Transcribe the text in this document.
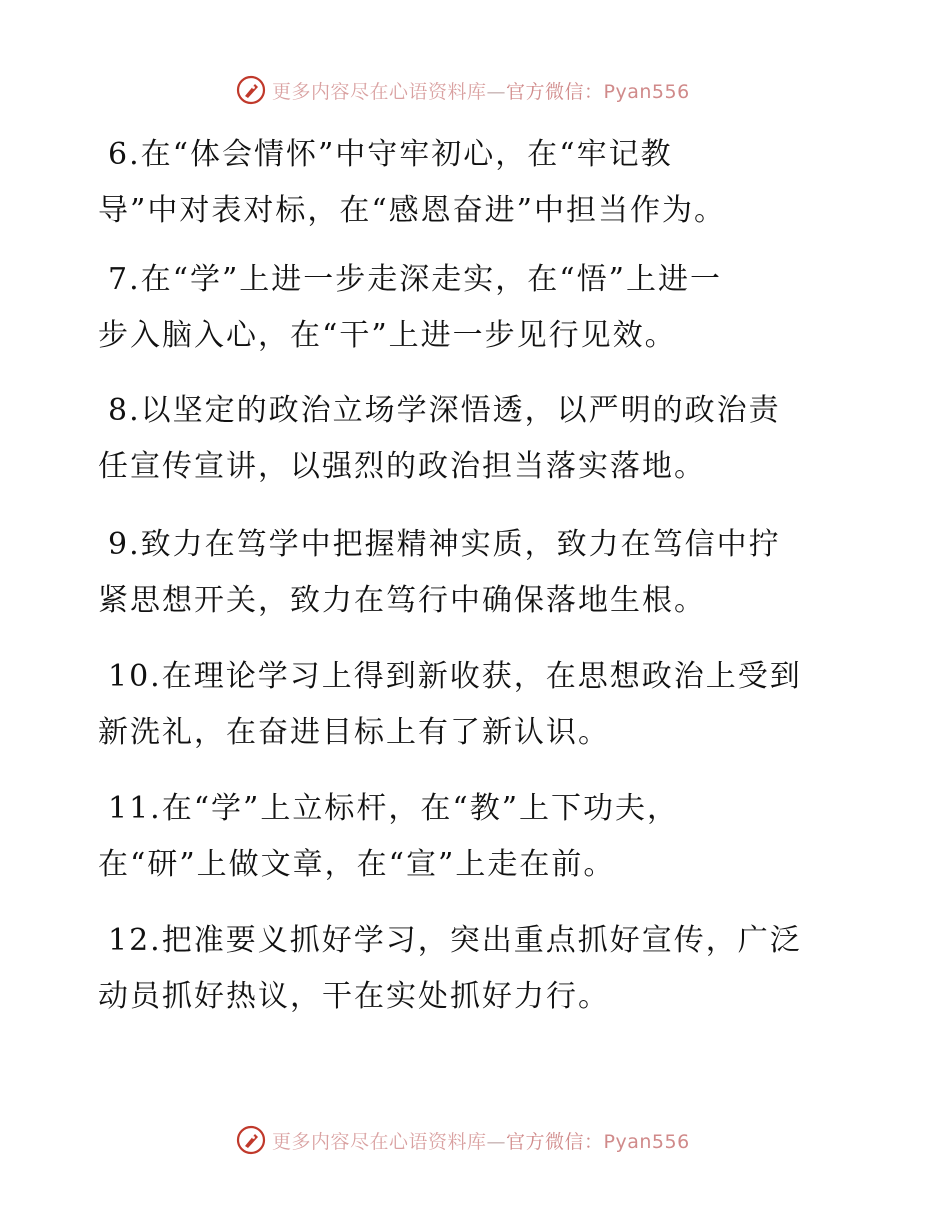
更多内容尽在心语资料库—官方微信：Pyan556
6.在“体会情怀”中守牢初心，在“牢记教
导”中对表对标，在“感恩奋进”中担当作为。
7.在“学”上进一步走深走实，在“悟”上进一
步入脑入心，在“干”上进一步见行见效。
8.以坚定的政治立场学深悟透，以严明的政治责
任宣传宣讲，以强烈的政治担当落实落地。
9.致力在笃学中把握精神实质，致力在笃信中拧
紧思想开关，致力在笃行中确保落地生根。
10.在理论学习上得到新收获，在思想政治上受到
新洗礼，在奋进目标上有了新认识。
11.在“学”上立标杆，在“教”上下功夫，
在“研”上做文章，在“宣”上走在前。
12.把准要义抓好学习，突出重点抓好宣传，广泛
动员抓好热议，干在实处抓好力行。
更多内容尽在心语资料库—官方微信：Pyan556
